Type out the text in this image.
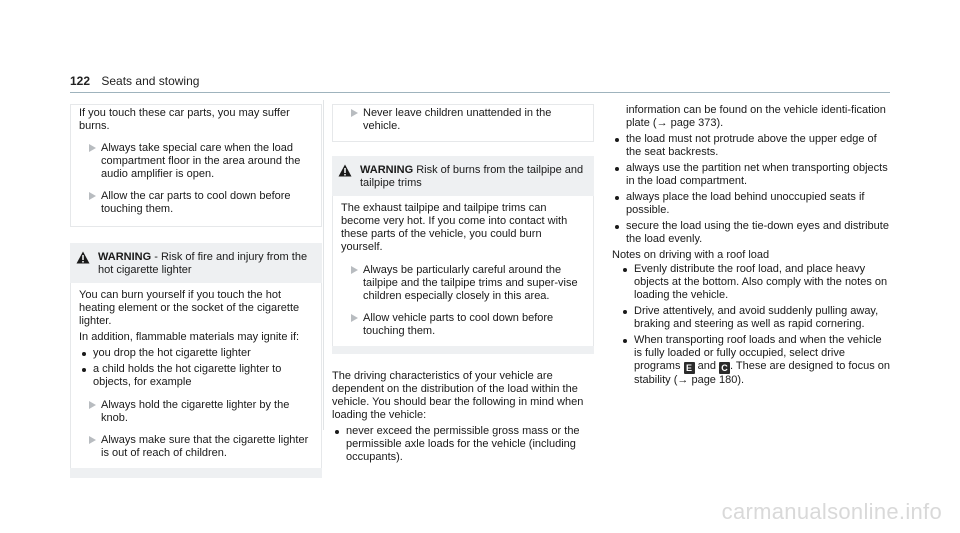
122 Seats and stowing

If you touch these car parts, you may suffer burns.

Always take special care when the load compartment floor in the area around the audio amplifier is open.
Allow the car parts to cool down before touching them.
WARNING - Risk of fire and injury from the hot cigarette lighter

You can burn yourself if you touch the hot heating element or the socket of the cigarette lighter.

In addition, flammable materials may ignite if:

you drop the hot cigarette lighter
a child holds the hot cigarette lighter to objects, for example
Always hold the cigarette lighter by the knob.
Always make sure that the cigarette lighter is out of reach of children.
Never leave children unattended in the vehicle.
WARNING Risk of burns from the tailpipe and tailpipe trims

The exhaust tailpipe and tailpipe trims can become very hot. If you come into contact with these parts of the vehicle, you could burn yourself.

Always be particularly careful around the tailpipe and the tailpipe trims and super-vise children especially closely in this area.
Allow vehicle parts to cool down before touching them.

The driving characteristics of your vehicle are dependent on the distribution of the load within the vehicle. You should bear the following in mind when loading the vehicle:

never exceed the permissible gross mass or the permissible axle loads for the vehicle (including occupants).

information can be found on the vehicle identi-fication plate (→ page 373).

the load must not protrude above the upper edge of the seat backrests.
always use the partition net when transporting objects in the load compartment.
always place the load behind unoccupied seats if possible.
secure the load using the tie-down eyes and distribute the load evenly.

Notes on driving with a roof load

Evenly distribute the roof load, and place heavy objects at the bottom. Also comply with the notes on loading the vehicle.
Drive attentively, and avoid suddenly pulling away, braking and steering as well as rapid cornering.
When transporting roof loads and when the vehicle is fully loaded or fully occupied, select drive programs E and C . These are designed to focus on stability (→ page 180).
carmanualsonline.info
